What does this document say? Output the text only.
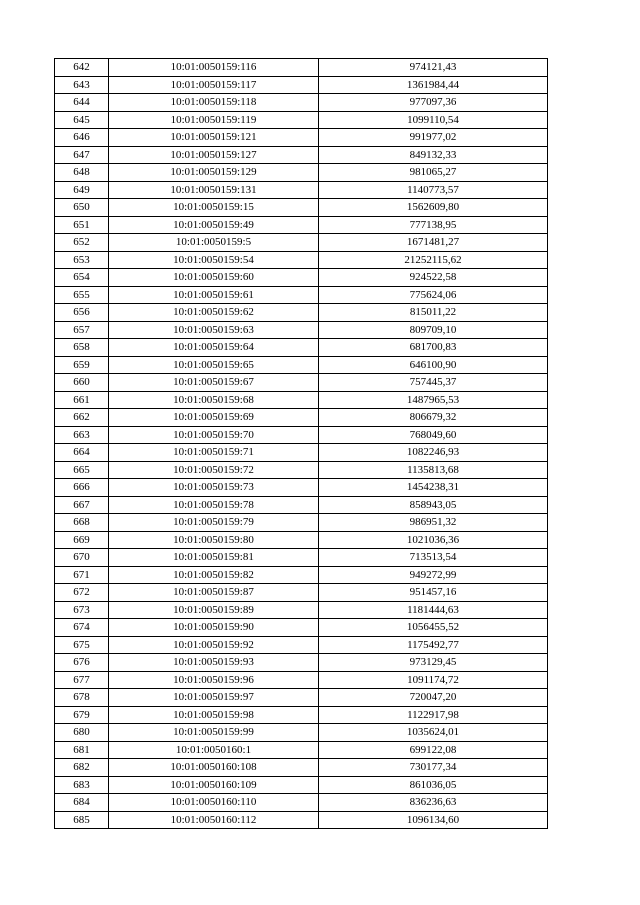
642	10:01:0050159:116	974121,43
643	10:01:0050159:117	1361984,44
644	10:01:0050159:118	977097,36
645	10:01:0050159:119	1099110,54
646	10:01:0050159:121	991977,02
647	10:01:0050159:127	849132,33
648	10:01:0050159:129	981065,27
649	10:01:0050159:131	1140773,57
650	10:01:0050159:15	1562609,80
651	10:01:0050159:49	777138,95
652	10:01:0050159:5	1671481,27
653	10:01:0050159:54	21252115,62
654	10:01:0050159:60	924522,58
655	10:01:0050159:61	775624,06
656	10:01:0050159:62	815011,22
657	10:01:0050159:63	809709,10
658	10:01:0050159:64	681700,83
659	10:01:0050159:65	646100,90
660	10:01:0050159:67	757445,37
661	10:01:0050159:68	1487965,53
662	10:01:0050159:69	806679,32
663	10:01:0050159:70	768049,60
664	10:01:0050159:71	1082246,93
665	10:01:0050159:72	1135813,68
666	10:01:0050159:73	1454238,31
667	10:01:0050159:78	858943,05
668	10:01:0050159:79	986951,32
669	10:01:0050159:80	1021036,36
670	10:01:0050159:81	713513,54
671	10:01:0050159:82	949272,99
672	10:01:0050159:87	951457,16
673	10:01:0050159:89	1181444,63
674	10:01:0050159:90	1056455,52
675	10:01:0050159:92	1175492,77
676	10:01:0050159:93	973129,45
677	10:01:0050159:96	1091174,72
678	10:01:0050159:97	720047,20
679	10:01:0050159:98	1122917,98
680	10:01:0050159:99	1035624,01
681	10:01:0050160:1	699122,08
682	10:01:0050160:108	730177,34
683	10:01:0050160:109	861036,05
684	10:01:0050160:110	836236,63
685	10:01:0050160:112	1096134,60
